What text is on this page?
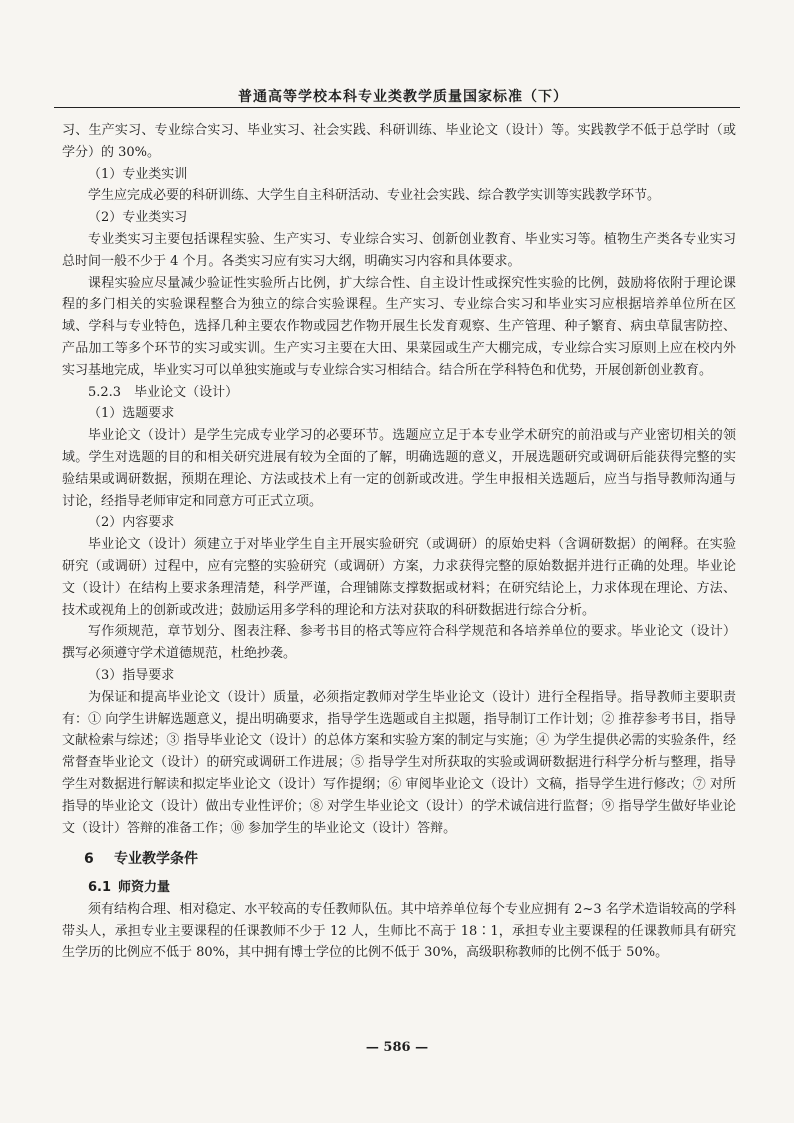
普通高等学校本科专业类教学质量国家标准（下）

习、生产实习、专业综合实习、毕业实习、社会实践、科研训练、毕业论文（设计）等。实践教学不低于总学时（或学分）的 30%。

（1）专业类实训

学生应完成必要的科研训练、大学生自主科研活动、专业社会实践、综合教学实训等实践教学环节。

（2）专业类实习

专业类实习主要包括课程实验、生产实习、专业综合实习、创新创业教育、毕业实习等。植物生产类各专业实习总时间一般不少于 4 个月。各类实习应有实习大纲，明确实习内容和具体要求。

课程实验应尽量减少验证性实验所占比例，扩大综合性、自主设计性或探究性实验的比例，鼓励将依附于理论课程的多门相关的实验课程整合为独立的综合实验课程。生产实习、专业综合实习和毕业实习应根据培养单位所在区域、学科与专业特色，选择几种主要农作物或园艺作物开展生长发育观察、生产管理、种子繁育、病虫草鼠害防控、产品加工等多个环节的实习或实训。生产实习主要在大田、果菜园或生产大棚完成，专业综合实习原则上应在校内外实习基地完成，毕业实习可以单独实施或与专业综合实习相结合。结合所在学科特色和优势，开展创新创业教育。

5.2.3　毕业论文（设计）

（1）选题要求

毕业论文（设计）是学生完成专业学习的必要环节。选题应立足于本专业学术研究的前沿或与产业密切相关的领域。学生对选题的目的和相关研究进展有较为全面的了解，明确选题的意义，开展选题研究或调研后能获得完整的实验结果或调研数据，预期在理论、方法或技术上有一定的创新或改进。学生申报相关选题后，应当与指导教师沟通与讨论，经指导老师审定和同意方可正式立项。

（2）内容要求

毕业论文（设计）须建立于对毕业学生自主开展实验研究（或调研）的原始史料（含调研数据）的阐释。在实验研究（或调研）过程中，应有完整的实验研究（或调研）方案，力求获得完整的原始数据并进行正确的处理。毕业论文（设计）在结构上要求条理清楚，科学严谨，合理铺陈支撑数据或材料；在研究结论上，力求体现在理论、方法、技术或视角上的创新或改进；鼓励运用多学科的理论和方法对获取的科研数据进行综合分析。

写作须规范，章节划分、图表注释、参考书目的格式等应符合科学规范和各培养单位的要求。毕业论文（设计）撰写必须遵守学术道德规范，杜绝抄袭。

（3）指导要求

为保证和提高毕业论文（设计）质量，必须指定教师对学生毕业论文（设计）进行全程指导。指导教师主要职责有：① 向学生讲解选题意义，提出明确要求，指导学生选题或自主拟题，指导制订工作计划；② 推荐参考书目，指导文献检索与综述；③ 指导毕业论文（设计）的总体方案和实验方案的制定与实施；④ 为学生提供必需的实验条件，经常督查毕业论文（设计）的研究或调研工作进展；⑤ 指导学生对所获取的实验或调研数据进行科学分析与整理，指导学生对数据进行解读和拟定毕业论文（设计）写作提纲；⑥ 审阅毕业论文（设计）文稿，指导学生进行修改；⑦ 对所指导的毕业论文（设计）做出专业性评价；⑧ 对学生毕业论文（设计）的学术诚信进行监督；⑨ 指导学生做好毕业论文（设计）答辩的准备工作；⑩ 参加学生的毕业论文（设计）答辩。

6 专业教学条件

6.1 师资力量

须有结构合理、相对稳定、水平较高的专任教师队伍。其中培养单位每个专业应拥有 2~3 名学术造诣较高的学科带头人，承担专业主要课程的任课教师不少于 12 人，生师比不高于 18∶1，承担专业主要课程的任课教师具有研究生学历的比例应不低于 80%，其中拥有博士学位的比例不低于 30%，高级职称教师的比例不低于 50%。

— 586 —
